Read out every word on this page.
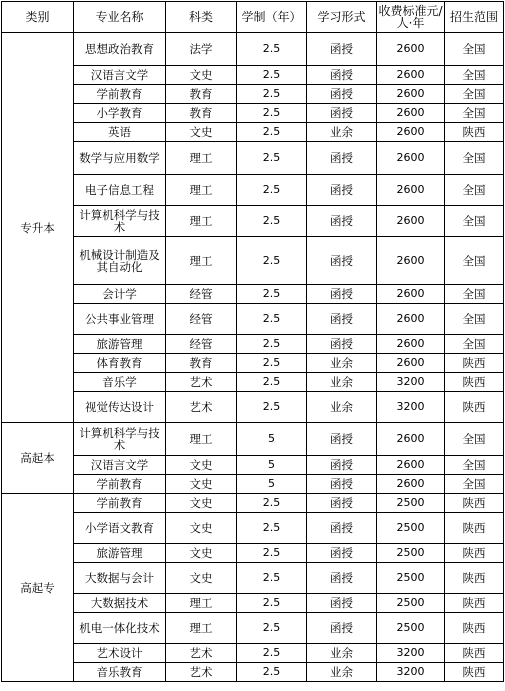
类别	专业名称	科类	学制（年）	学习形式	收费标准元/人·年	招生范围
专升本	思想政治教育	法学	2.5	函授	2600	全国
	汉语言文学	文史	2.5	函授	2600	全国
	学前教育	教育	2.5	函授	2600	全国
	小学教育	教育	2.5	函授	2600	全国
	英语	文史	2.5	业余	2600	陕西
	数学与应用数学	理工	2.5	函授	2600	全国
	电子信息工程	理工	2.5	函授	2600	全国
	计算机科学与技术	理工	2.5	函授	2600	全国
	机械设计制造及其自动化	理工	2.5	函授	2600	全国
	会计学	经管	2.5	函授	2600	全国
	公共事业管理	经管	2.5	函授	2600	全国
	旅游管理	经管	2.5	函授	2600	全国
	体育教育	教育	2.5	业余	2600	陕西
	音乐学	艺术	2.5	业余	3200	陕西
	视觉传达设计	艺术	2.5	业余	3200	陕西
高起本	计算机科学与技术	理工	5	函授	2600	全国
	汉语言文学	文史	5	函授	2600	全国
	学前教育	文史	5	函授	2600	全国
高起专	学前教育	文史	2.5	函授	2500	陕西
	小学语文教育	文史	2.5	函授	2500	陕西
	旅游管理	文史	2.5	函授	2500	陕西
	大数据与会计	文史	2.5	函授	2500	陕西
	大数据技术	理工	2.5	函授	2500	陕西
	机电一体化技术	理工	2.5	函授	2500	陕西
	艺术设计	艺术	2.5	业余	3200	陕西
	音乐教育	艺术	2.5	业余	3200	陕西
